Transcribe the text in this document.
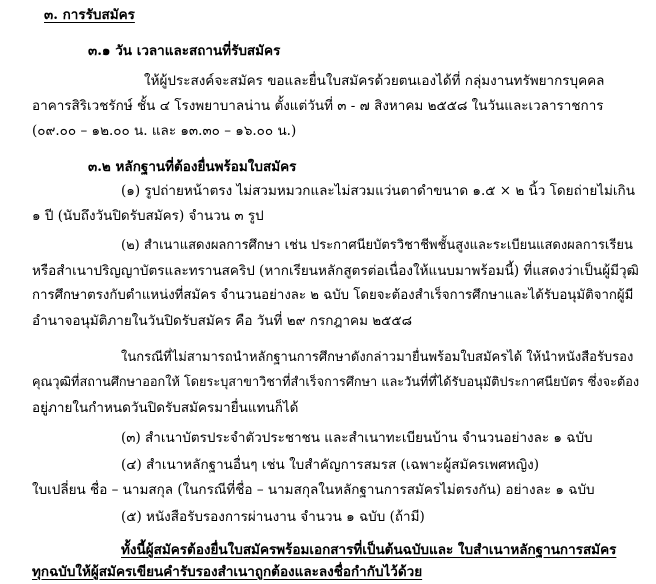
๓. การรับสมัคร
๓.๑ วัน เวลาและสถานที่รับสมัคร
ให้ผู้ประสงค์จะสมัคร ขอและยื่นใบสมัครด้วยตนเองได้ที่ กลุ่มงานทรัพยากรบุคคล
อาคารสิริเวชรักษ์ ชั้น ๔ โรงพยาบาลน่าน ตั้งแต่วันที่ ๓ - ๗ สิงหาคม ๒๕๕๘ ในวันและเวลาราชการ
(๐๙.๐๐ – ๑๒.๐๐ น. และ ๑๓.๓๐ – ๑๖.๐๐ น.)
๓.๒ หลักฐานที่ต้องยื่นพร้อมใบสมัคร
(๑) รูปถ่ายหน้าตรง ไม่สวมหมวกและไม่สวมแว่นตาดำขนาด ๑.๕ × ๒ นิ้ว โดยถ่ายไม่เกิน
๑ ปี (นับถึงวันปิดรับสมัคร) จำนวน ๓ รูป
(๒) สำเนาแสดงผลการศึกษา เช่น ประกาศนียบัตรวิชาชีพชั้นสูงและระเบียนแสดงผลการเรียน
หรือสำเนาปริญญาบัตรและทรานสคริป (หากเรียนหลักสูตรต่อเนื่องให้แนบมาพร้อมนี้) ที่แสดงว่าเป็นผู้มีวุฒิ
การศึกษาตรงกับตำแหน่งที่สมัคร จำนวนอย่างละ ๒ ฉบับ โดยจะต้องสำเร็จการศึกษาและได้รับอนุมัติจากผู้มี
อำนาจอนุมัติภายในวันปิดรับสมัคร คือ วันที่ ๒๙ กรกฎาคม ๒๕๕๘
ในกรณีที่ไม่สามารถนำหลักฐานการศึกษาดังกล่าวมายื่นพร้อมใบสมัครได้ ให้นำหนังสือรับรอง
คุณวุฒิที่สถานศึกษาออกให้ โดยระบุสาขาวิชาที่สำเร็จการศึกษา และวันที่ที่ได้รับอนุมัติประกาศนียบัตร ซึ่งจะต้อง
อยู่ภายในกำหนดวันปิดรับสมัครมายื่นแทนก็ได้
(๓) สำเนาบัตรประจำตัวประชาชน และสำเนาทะเบียนบ้าน จำนวนอย่างละ ๑ ฉบับ
(๔) สำเนาหลักฐานอื่นๆ เช่น ใบสำคัญการสมรส (เฉพาะผู้สมัครเพศหญิง)
ใบเปลี่ยน ชื่อ – นามสกุล (ในกรณีที่ชื่อ – นามสกุลในหลักฐานการสมัครไม่ตรงกัน) อย่างละ ๑ ฉบับ
(๕) หนังสือรับรองการผ่านงาน จำนวน ๑ ฉบับ (ถ้ามี)
ทั้งนี้ผู้สมัครต้องยื่นใบสมัครพร้อมเอกสารที่เป็นต้นฉบับและ ใบสำเนาหลักฐานการสมัคร
ทุกฉบับให้ผู้สมัครเขียนคำรับรองสำเนาถูกต้องและลงชื่อกำกับไว้ด้วย
